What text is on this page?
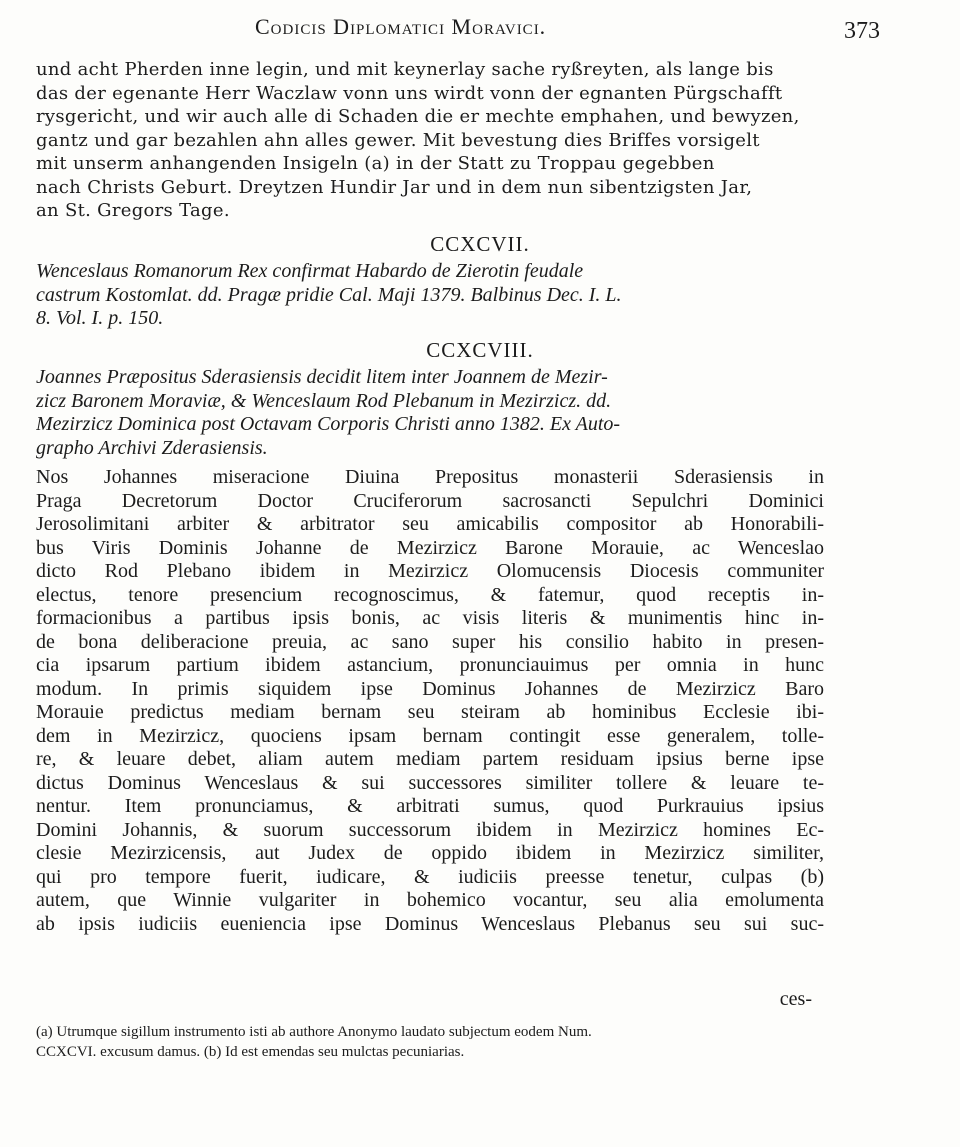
Codicis Diplomatici Moravici.	373
und acht Pherden inne legin, und mit keynerlay sache ryßreyten, als lange bis
das der egenante Herr Waczlaw vonn uns wirdt vonn der egnanten Pürgschafft
rysgericht, und wir auch alle di Schaden die er mechte emphahen, und bewyzen,
gantz und gar bezahlen ahn alles gewer. Mit bevestung dies Briffes vorsigelt
mit unserm anhangenden Insigeln (a) in der Statt zu Troppau gegebben
nach Christs Geburt. Dreytzen Hundir Jar und in dem nun sibentzigsten Jar,
an St. Gregors Tage.
CCXCVII.
Wenceslaus Romanorum Rex confirmat Habardo de Zierotin feudale
castrum Kostomlat. dd. Pragæ pridie Cal. Maji 1379. Balbinus Dec. I. L.
8. Vol. I. p. 150.
CCXCVIII.
Joannes Præpositus Sderasiensis decidit litem inter Joannem de Mezir-
zicz Baronem Moraviæ, & Wenceslaum Rod Plebanum in Mezirzicz. dd.
Mezirzicz Dominica post Octavam Corporis Christi anno 1382. Ex Auto-
grapho Archivi Zderasiensis.
Nos Johannes miseracione Diuina Prepositus monasterii Sderasiensis in
Praga Decretorum Doctor Cruciferorum sacrosancti Sepulchri Dominici
Jerosolimitani arbiter & arbitrator seu amicabilis compositor ab Honorabili-
bus Viris Dominis Johanne de Mezirzicz Barone Morauie, ac Wenceslao
dicto Rod Plebano ibidem in Mezirzicz Olomucensis Diocesis communiter
electus, tenore presencium recognoscimus, & fatemur, quod receptis in-
formacionibus a partibus ipsis bonis, ac visis literis & munimentis hinc in-
de bona deliberacione preuia, ac sano super his consilio habito in presen-
cia ipsarum partium ibidem astancium, pronunciauimus per omnia in hunc
modum. In primis siquidem ipse Dominus Johannes de Mezirzicz Baro
Morauie predictus mediam bernam seu steiram ab hominibus Ecclesie ibi-
dem in Mezirzicz, quociens ipsam bernam contingit esse generalem, tolle-
re, & leuare debet, aliam autem mediam partem residuam ipsius berne ipse
dictus Dominus Wenceslaus & sui successores similiter tollere & leuare te-
nentur. Item pronunciamus, & arbitrati sumus, quod Purkrauius ipsius
Domini Johannis, & suorum successorum ibidem in Mezirzicz homines Ec-
clesie Mezirzicensis, aut Judex de oppido ibidem in Mezirzicz similiter,
qui pro tempore fuerit, iudicare, & iudiciis preesse tenetur, culpas (b)
autem, que Winnie vulgariter in bohemico vocantur, seu alia emolumenta
ab ipsis iudiciis eueniencia ipse Dominus Wenceslaus Plebanus seu sui suc-
ces-
(a) Utrumque sigillum instrumento isti ab authore Anonymo laudato subjectum eodem Num.
CCXCVI. excusum damus. (b) Id est emendas seu mulctas pecuniarias.
